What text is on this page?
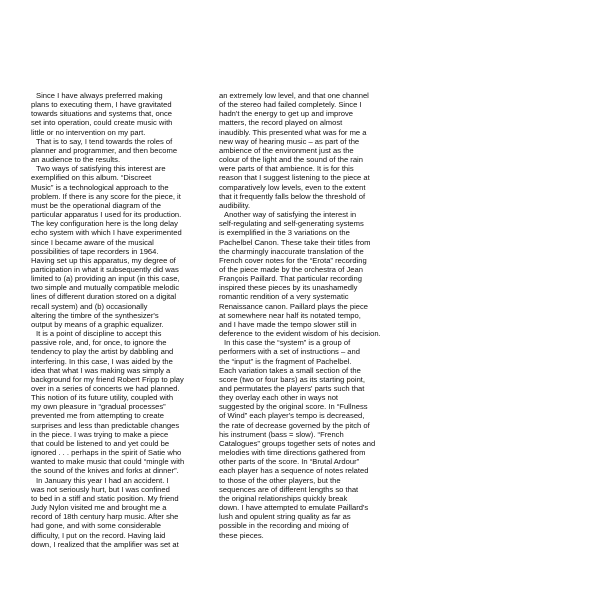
Since I have always preferred making
plans to executing them, I have gravitated
towards situations and systems that, once
set into operation, could create music with
little or no intervention on my part.
That is to say, I tend towards the roles of
planner and programmer, and then become
an audience to the results.
Two ways of satisfying this interest are
exemplified on this album. “Discreet
Music” is a technological approach to the
problem. If there is any score for the piece, it
must be the operational diagram of the
particular apparatus I used for its production.
The key configuration here is the long delay
echo system with which I have experimented
since I became aware of the musical
possibilities of tape recorders in 1964.
Having set up this apparatus, my degree of
participation in what it subsequently did was
limited to (a) providing an input (in this case,
two simple and mutually compatible melodic
lines of different duration stored on a digital
recall system) and (b) occasionally
altering the timbre of the synthesizer's
output by means of a graphic equalizer.
It is a point of discipline to accept this
passive role, and, for once, to ignore the
tendency to play the artist by dabbling and
interfering. In this case, I was aided by the
idea that what I was making was simply a
background for my friend Robert Fripp to play
over in a series of concerts we had planned.
This notion of its future utility, coupled with
my own pleasure in “gradual processes”
prevented me from attempting to create
surprises and less than predictable changes
in the piece. I was trying to make a piece
that could be listened to and yet could be
ignored . . . perhaps in the spirit of Satie who
wanted to make music that could “mingle with
the sound of the knives and forks at dinner”.
In January this year I had an accident. I
was not seriously hurt, but I was confined
to bed in a stiff and static position. My friend
Judy Nylon visited me and brought me a
record of 18th century harp music. After she
had gone, and with some considerable
difficulty, I put on the record. Having laid
down, I realized that the amplifier was set at
an extremely low level, and that one channel
of the stereo had failed completely. Since I
hadn't the energy to get up and improve
matters, the record played on almost
inaudibly. This presented what was for me a
new way of hearing music – as part of the
ambience of the environment just as the
colour of the light and the sound of the rain
were parts of that ambience. It is for this
reason that I suggest listening to the piece at
comparatively low levels, even to the extent
that it frequently falls below the threshold of
audibility.
Another way of satisfying the interest in
self-regulating and self-generating systems
is exemplified in the 3 variations on the
Pachelbel Canon. These take their titles from
the charmingly inaccurate translation of the
French cover notes for the “Erota” recording
of the piece made by the orchestra of Jean
François Paillard. That particular recording
inspired these pieces by its unashamedly
romantic rendition of a very systematic
Renaissance canon. Paillard plays the piece
at somewhere near half its notated tempo,
and I have made the tempo slower still in
deference to the evident wisdom of his decision.
In this case the “system” is a group of
performers with a set of instructions – and
the “input” is the fragment of Pachelbel.
Each variation takes a small section of the
score (two or four bars) as its starting point,
and permutates the players' parts such that
they overlay each other in ways not
suggested by the original score. In “Fullness
of Wind” each player's tempo is decreased,
the rate of decrease governed by the pitch of
his instrument (bass = slow). “French
Catalogues” groups together sets of notes and
melodies with time directions gathered from
other parts of the score. In “Brutal Ardour”
each player has a sequence of notes related
to those of the other players, but the
sequences are of different lengths so that
the original relationships quickly break
down. I have attempted to emulate Paillard's
lush and opulent string quality as far as
possible in the recording and mixing of
these pieces.
